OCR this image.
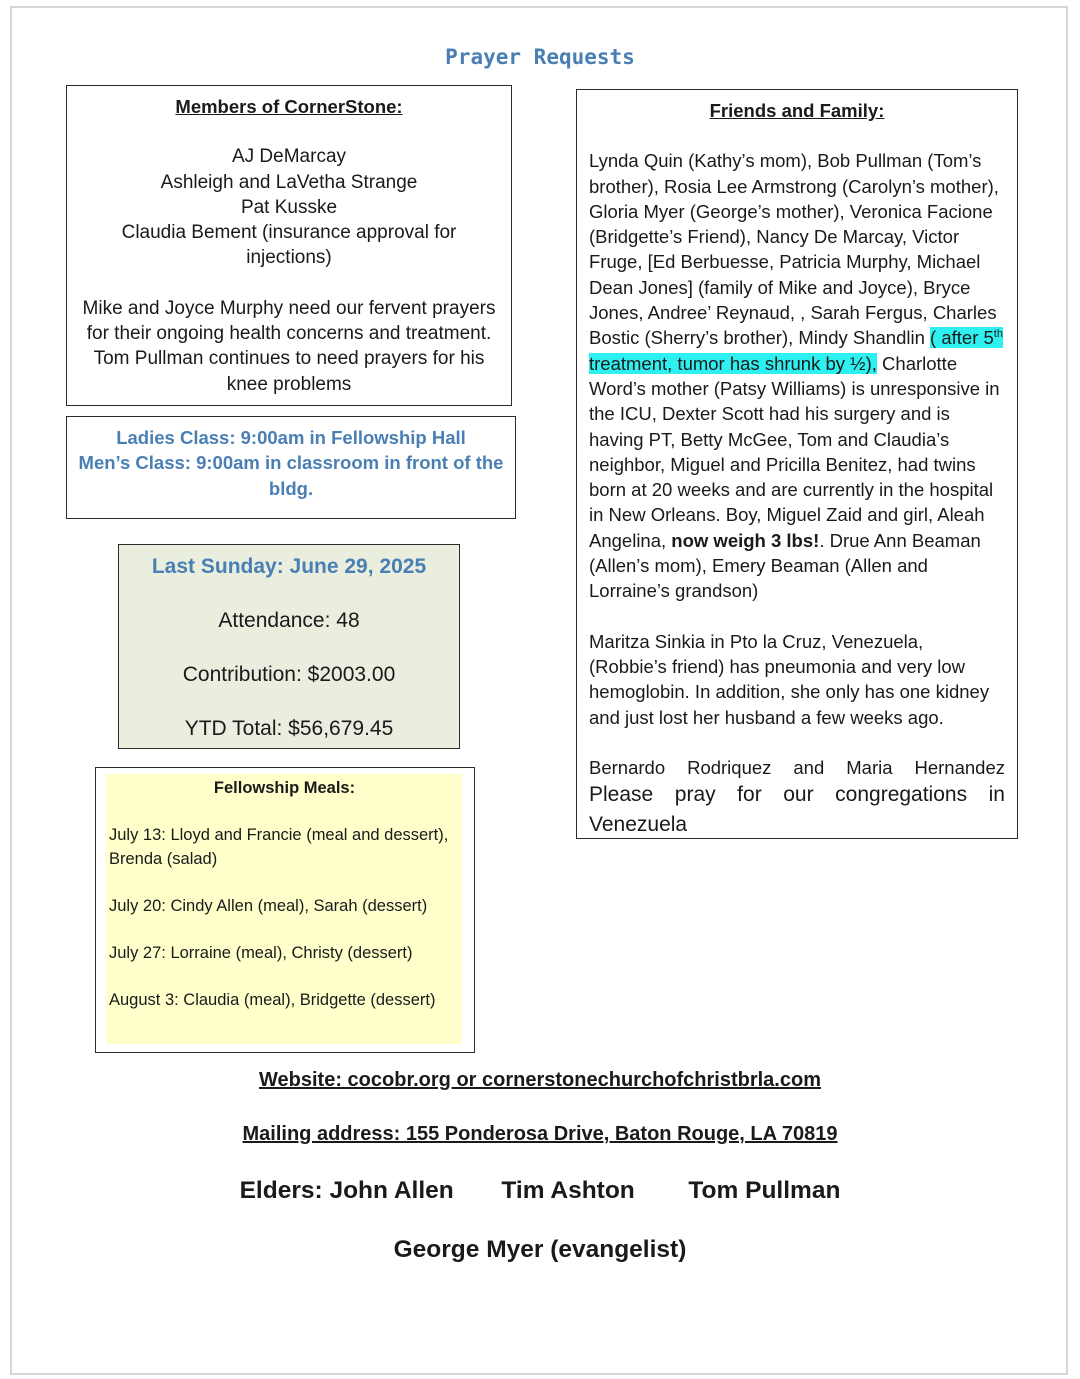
Prayer Requests
Members of CornerStone:
AJ DeMarcay
Ashleigh and LaVetha Strange
Pat Kusske
Claudia Bement (insurance approval for injections)
Mike and Joyce Murphy need our fervent prayers for their ongoing health concerns and treatment.
Tom Pullman continues to need prayers for his knee problems
Ladies Class: 9:00am in Fellowship Hall
Men’s Class: 9:00am in classroom in front of the bldg.
Last Sunday: June 29, 2025
Attendance: 48
Contribution: $2003.00
YTD Total: $56,679.45
Fellowship Meals:
July 13: Lloyd and Francie (meal and dessert), Brenda (salad)
July 20: Cindy Allen (meal), Sarah (dessert)
July 27: Lorraine (meal), Christy (dessert)
August 3: Claudia (meal), Bridgette (dessert)
Friends and Family:

Lynda Quin (Kathy’s mom), Bob Pullman (Tom’s brother), Rosia Lee Armstrong (Carolyn’s mother), Gloria Myer (George’s mother), Veronica Facione (Bridgette’s Friend), Nancy De Marcay, Victor Fruge, [Ed Berbuesse, Patricia Murphy, Michael Dean Jones] (family of Mike and Joyce), Bryce Jones, Andree’ Reynaud, , Sarah Fergus, Charles Bostic (Sherry’s brother), Mindy Shandlin ( after 5th treatment, tumor has shrunk by ½), Charlotte Word’s mother (Patsy Williams) is unresponsive in the ICU, Dexter Scott had his surgery and is having PT, Betty McGee, Tom and Claudia’s neighbor, Miguel and Pricilla Benitez, had twins born at 20 weeks and are currently in the hospital in New Orleans. Boy, Miguel Zaid and girl, Aleah Angelina, now weigh 3 lbs!. Drue Ann Beaman (Allen’s mom), Emery Beaman (Allen and Lorraine’s grandson)

Maritza Sinkia in Pto la Cruz, Venezuela, (Robbie’s friend) has pneumonia and very low hemoglobin. In addition, she only has one kidney and just lost her husband a few weeks ago.

Bernardo Rodriquez and Maria Hernandez

Please pray for our congregations in Venezuela

Website: cocobr.org or cornerstonechurchofchristbrla.com
Mailing address: 155 Ponderosa Drive, Baton Rouge, LA 70819
Elders: John Allen Tim Ashton Tom Pullman
George Myer (evangelist)
